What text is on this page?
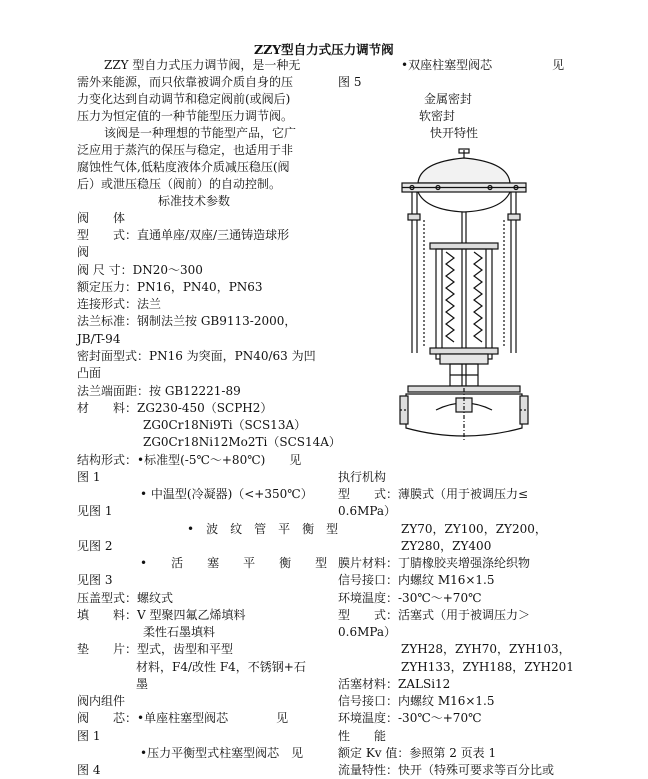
ZZY型自力式压力调节阀
ZZY 型自力式压力调节阀，是一种无
需外来能源，而只依靠被调介质自身的压
力变化达到自动调节和稳定阀前(或阀后)
压力为恒定值的一种节能型压力调节阀。
该阀是一种理想的节能型产品，它广
泛应用于蒸汽的保压与稳定，也适用于非
腐蚀性气体,低粘度液体介质减压稳压(阀
后）或泄压稳压（阀前）的自动控制。
标准技术参数
阀　　体
型　　式：直通单座/双座/三通铸造球形
阀
阀 尺 寸：DN20～300
额定压力：PN16，PN40，PN63
连接形式：法兰
法兰标准：钢制法兰按 GB9113-2000，
JB/T-94
密封面型式：PN16 为突面，PN40/63 为凹
凸面
法兰端面距：按 GB12221-89
材　　料：ZG230-450（SCPH2）
ZG0Cr18Ni9Ti（SCS13A）
ZG0Cr18Ni12Mo2Ti（SCS14A）
结构形式：•标准型(-5℃～+80℃)　　见
图 1
• 中温型(冷凝器)（<+350℃）
见图 1
•　波　纹　管　平　衡　型
见图 2
•　　活　　塞　　平　　衡　　型
见图 3
压盖型式：螺纹式
填　　料：V 型聚四氟乙烯填料
柔性石墨填料
垫　　片：型式，齿型和平型
材料，F4/改性 F4，不锈钢+石
墨
阀内组件
阀　　芯：•单座柱塞型阀芯　　　　见
图 1
•压力平衡型式柱塞型阀芯　见
图 4
•双座柱塞型阀芯　　　　　见
图 5
金属密封
软密封
快开特性
执行机构
型　　式：薄膜式（用于被调压力≤
0.6MPa）
ZY70，ZY100，ZY200，
ZY280，ZY400
膜片材料：丁腈橡胶夹增强涤纶织物
信号接口：内螺纹 M16×1.5
环境温度：-30℃～+70℃
型　　式：活塞式（用于被调压力＞
0.6MPa）
ZYH28，ZYH70，ZYH103，
ZYH133，ZYH188，ZYH201
活塞材料：ZALSi12
信号接口：内螺纹 M16×1.5
环境温度：-30℃～+70℃
性　　能
额定 Kv 值：参照第 2 页表 1
流量特性：快开（特殊可要求等百分比或
